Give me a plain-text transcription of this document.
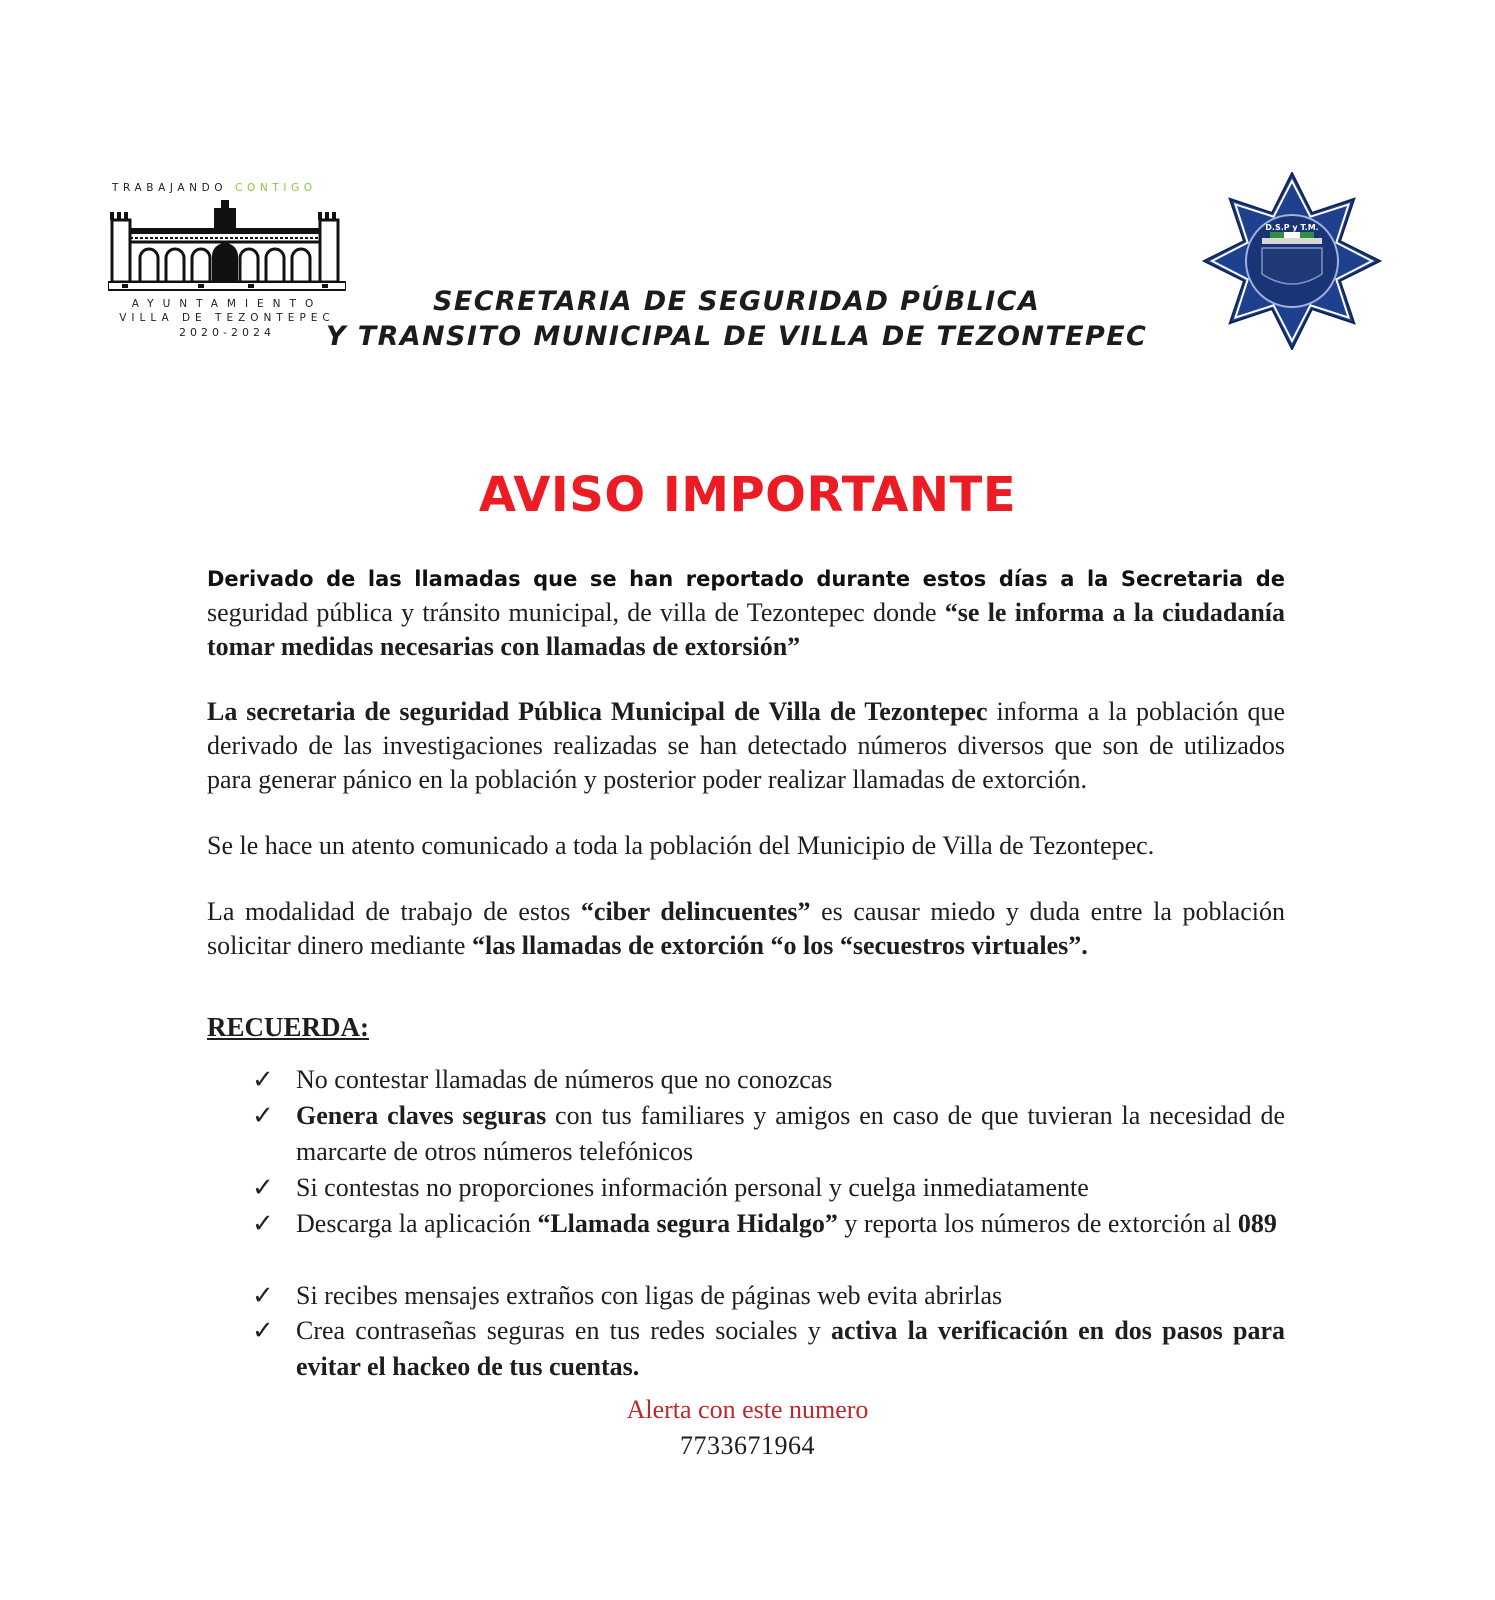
TRABAJANDO CONTIGO
AYUNTAMIENTO
VILLA DE TEZONTEPEC
2020-2024
SECRETARIA DE SEGURIDAD PÚBLICA
Y TRANSITO MUNICIPAL DE VILLA DE TEZONTEPEC
D.S.P y T.M.
AVISO IMPORTANTE
Derivado de las llamadas que se han reportado durante estos días a la Secretaria de seguridad pública y tránsito municipal, de villa de Tezontepec donde “se le informa a la ciudadanía tomar medidas necesarias con llamadas de extorsión”
La secretaria de seguridad Pública Municipal de Villa de Tezontepec informa a la población que derivado de las investigaciones realizadas se han detectado números diversos que son de utilizados para generar pánico en la población y posterior poder realizar llamadas de extorción.
Se le hace un atento comunicado a toda la población del Municipio de Villa de Tezontepec.
La modalidad de trabajo de estos “ciber delincuentes” es causar miedo y duda entre la población solicitar dinero mediante “las llamadas de extorción “o los “secuestros virtuales”.
RECUERDA:
✓ No contestar llamadas de números que no conozcas
✓ Genera claves seguras con tus familiares y amigos en caso de que tuvieran la necesidad de marcarte de otros números telefónicos
✓ Si contestas no proporciones información personal y cuelga inmediatamente
✓ Descarga la aplicación “Llamada segura Hidalgo” y reporta los números de extorción al 089
✓ Si recibes mensajes extraños con ligas de páginas web evita abrirlas
✓ Crea contraseñas seguras en tus redes sociales y activa la verificación en dos pasos para evitar el hackeo de tus cuentas.
Alerta con este numero
7733671964
